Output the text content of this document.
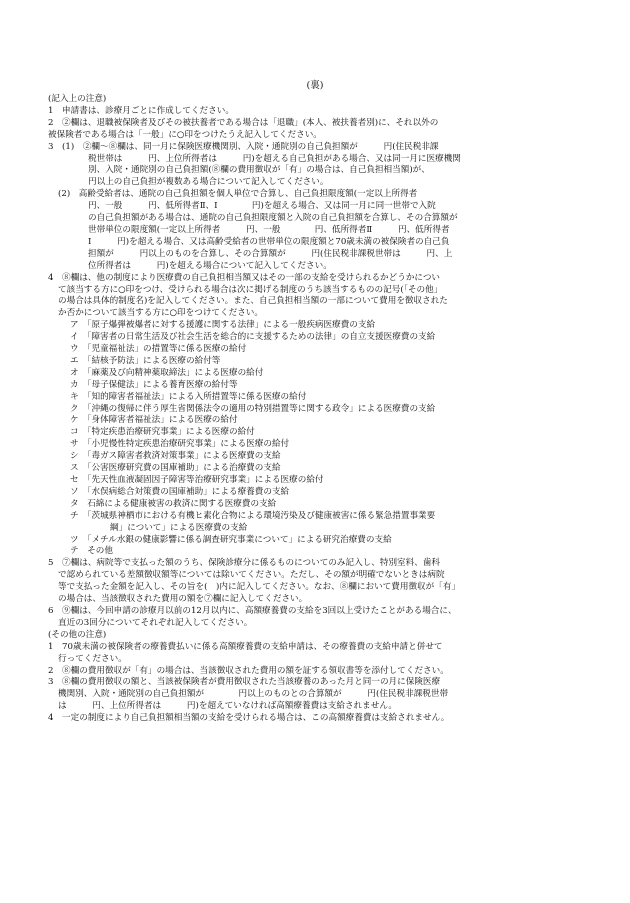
(裏)
(記入上の注意)
1　申請書は、診療月ごとに作成してください。
2　②欄は、退職被保険者及びその被扶養者である場合は「退職」(本人、被扶養者別)に、それ以外の
被保険者である場合は「一般」に○印をつけたうえ記入してください。
3　(1)　②欄～⑧欄は、同一月に保険医療機関別、入院・通院別の自己負担額が　　　円(住民税非課
税世帯は　　　円、上位所得者は　　　円)を超える自己負担がある場合、又は同一月に医療機関
別、入院・通院別の自己負担額(⑧欄の費用徴収が「有」の場合は、自己負担相当額)が、
円以上の自己負担が複数ある場合について記入してください。
(2)　高齢受給者は、通院の自己負担額を個人単位で合算し、自己負担限度額(一定以上所得者
円、一般　　　円、低所得者Ⅱ、Ⅰ　　　　円)を超える場合、又は同一月に同一世帯で入院
の自己負担額がある場合は、通院の自己負担限度額と入院の自己負担額を合算し、その合算額が
世帯単位の限度額(一定以上所得者　　　円、一般　　　　円、低所得者Ⅱ　　　円、低所得者
Ⅰ　　　円)を超える場合、又は高齢受給者の世帯単位の限度額と70歳未満の被保険者の自己負
担額が　　　円以上のものを合算し、その合算額が　　　円(住民税非課税世帯は　　　円、上
位所得者は　　　円)を超える場合について記入してください。
4　⑧欄は、他の制度により医療費の自己負担相当額又はその一部の支給を受けられるかどうかについ
て該当する方に○印をつけ、受けられる場合は次に掲げる制度のうち該当するものの記号(「その他」
の場合は具体的制度名)を記入してください。また、自己負担相当額の一部について費用を徴収された
か否かについて該当する方に○印をつけてください。
ア　「原子爆弾被爆者に対する援護に関する法律」による一般疾病医療費の支給
イ　「障害者の日常生活及び社会生活を総合的に支援するための法律」の自立支援医療費の支給
ウ　「児童福祉法」の措置等に係る医療の給付
エ　「結核予防法」による医療の給付等
オ　「麻薬及び向精神薬取締法」による医療の給付
カ　「母子保健法」による養育医療の給付等
キ　「知的障害者福祉法」による入所措置等に係る医療の給付
ク　「沖縄の復帰に伴う厚生省関係法令の適用の特別措置等に関する政令」による医療費の支給
ケ　「身体障害者福祉法」による医療の給付
コ　「特定疾患治療研究事業」による医療の給付
サ　「小児慢性特定疾患治療研究事業」による医療の給付
シ　「毒ガス障害者救済対策事業」による医療費の支給
ス　「公害医療研究費の国庫補助」による治療費の支給
セ　「先天性血液凝固因子障害等治療研究事業」による医療の給付
ソ　「水俣病総合対策費の国庫補助」による療養費の支給
タ　石綿による健康被害の救済に関する医療費の支給
チ　「茨城県神栖市における有機ヒ素化合物による環境汚染及び健康被害に係る緊急措置事業要
綱」について」による医療費の支給
ツ　「メチル水銀の健康影響に係る調査研究事業について」による研究治療費の支給
テ　その他
5　⑦欄は、病院等で支払った額のうち、保険診療分に係るものについてのみ記入し、特別室料、歯科
で認められている差額徴収額等については除いてください。ただし、その額が明確でないときは病院
等で支払った金額を記入し、その旨を(　)内に記入してください。なお、⑧欄において費用徴収が「有」
の場合は、当該徴収された費用の額を⑦欄に記入してください。
6　⑨欄は、今回申請の診療月以前の12月以内に、高額療養費の支給を3回以上受けたことがある場合に、
直近の3回分についてそれぞれ記入してください。
(その他の注意)
1　70歳未満の被保険者の療養費払いに係る高額療養費の支給申請は、その療養費の支給申請と併せて
行ってください。
2　⑧欄の費用徴収が「有」の場合は、当該徴収された費用の額を証する領収書等を添付してください。
3　⑧欄の費用徴収の額と、当該被保険者が費用徴収された当該療養のあった月と同一の月に保険医療
機関別、入院・通院別の自己負担額が　　　　円以上のものとの合算額が　　　円(住民税非課税世帯
は　　　円、上位所得者は　　　円)を超えていなければ高額療養費は支給されません。
4　一定の制度により自己負担額相当額の支給を受けられる場合は、この高額療養費は支給されません。
